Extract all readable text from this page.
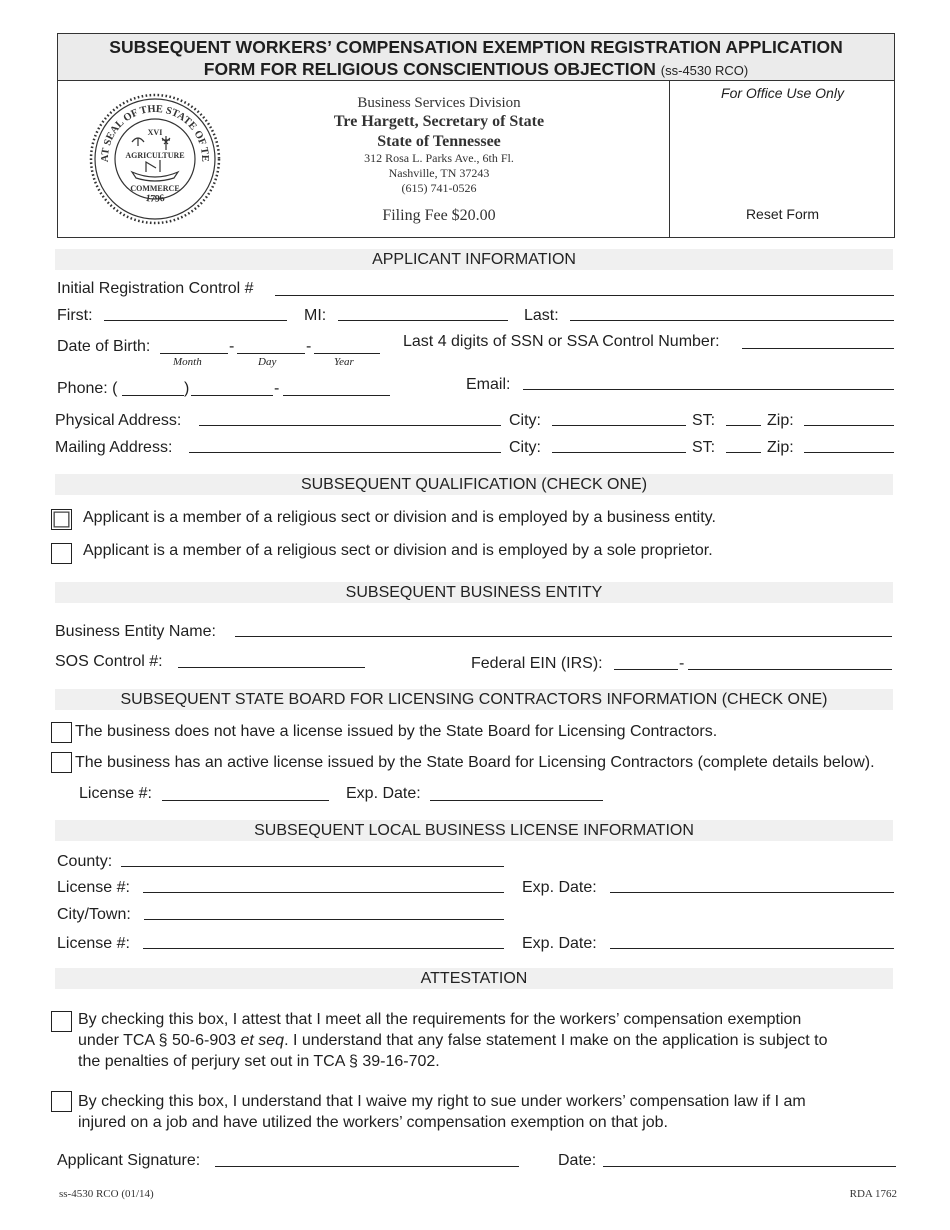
SUBSEQUENT WORKERS’ COMPENSATION EXEMPTION REGISTRATION APPLICATION
FORM FOR RELIGIOUS CONSCIENTIOUS OBJECTION (ss-4530 RCO)
AT SEAL OF THE STATE OF TE
1796
XVI
AGRICULTURE
COMMERCE
Business Services Division
Tre Hargett, Secretary of State
State of Tennessee
312 Rosa L. Parks Ave., 6th Fl.
Nashville, TN 37243
(615) 741-0526
Filing Fee $20.00
For Office Use Only
Reset Form
APPLICANT INFORMATION
Initial Registration Control #
First:	MI:	Last:
Date of Birth:	-	-
Month	Day	Year
Last 4 digits of SSN or SSA Control Number:
Phone: (	)	-	Email:
Physical Address:	City:	ST:	Zip:
Mailing Address:	City:	ST:	Zip:
SUBSEQUENT QUALIFICATION (CHECK ONE)
Applicant is a member of a religious sect or division and is employed by a business entity.
Applicant is a member of a religious sect or division and is employed by a sole proprietor.
SUBSEQUENT BUSINESS ENTITY
Business Entity Name:
SOS Control #:	Federal EIN (IRS):	-
SUBSEQUENT STATE BOARD FOR LICENSING CONTRACTORS INFORMATION (CHECK ONE)
The business does not have a license issued by the State Board for Licensing Contractors.
The business has an active license issued by the State Board for Licensing Contractors (complete details below).
License #:	Exp. Date:
SUBSEQUENT LOCAL BUSINESS LICENSE INFORMATION
County:
License #:	Exp. Date:
City/Town:
License #:	Exp. Date:
ATTESTATION
By checking this box, I attest that I meet all the requirements for the workers’ compensation exemption
under TCA § 50-6-903 et seq. I understand that any false statement I make on the application is subject to
the penalties of perjury set out in TCA § 39-16-702.
By checking this box, I understand that I waive my right to sue under workers’ compensation law if I am
injured on a job and have utilized the workers’ compensation exemption on that job.
Applicant Signature:	Date:
ss-4530 RCO (01/14)	RDA 1762
